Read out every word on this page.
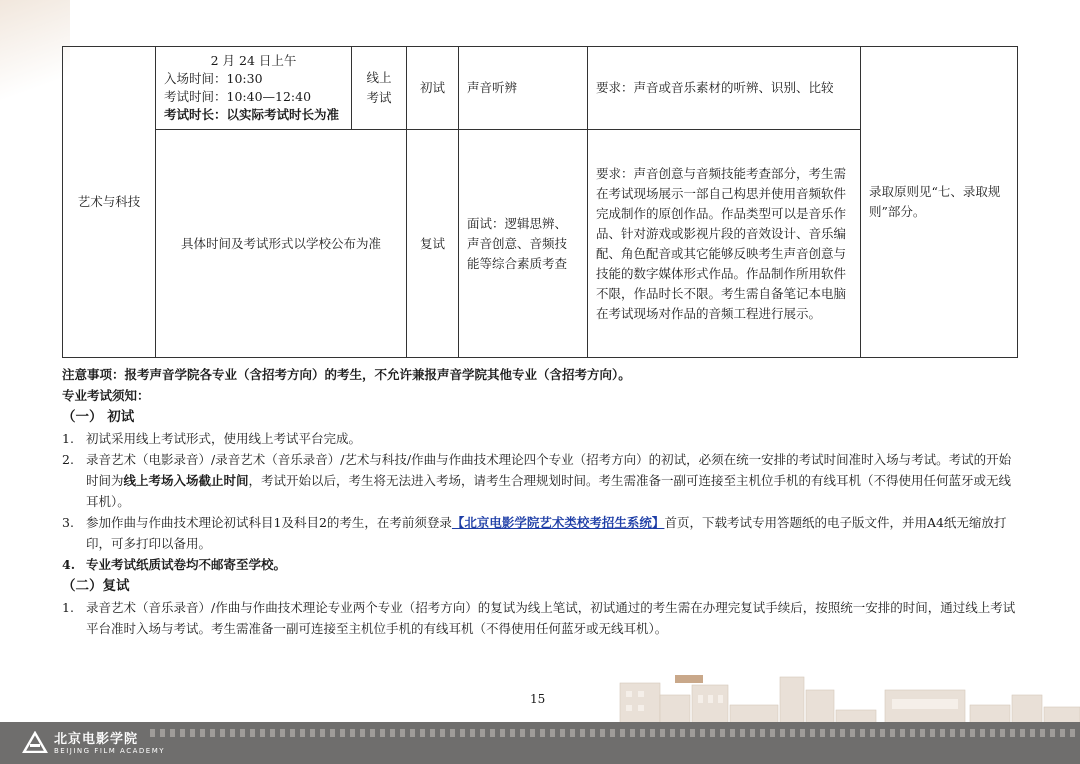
艺术与科技	2 月 24 日上午
入场时间：10:30
考试时间：10:40—12:40
考试时长：以实际考试时长为准	线上考试	初试	声音听辨	要求：声音或音乐素材的听辨、识别、比较	录取原则见“七、录取规则”部分。
	具体时间及考试形式以学校公布为准		复试	面试：逻辑思辨、声音创意、音频技能等综合素质考查	要求：声音创意与音频技能考查部分，考生需在考试现场展示一部自己构思并使用音频软件完成制作的原创作品。作品类型可以是音乐作品、针对游戏或影视片段的音效设计、音乐编配、角色配音或其它能够反映考生声音创意与技能的数字媒体形式作品。作品制作所用软件不限，作品时长不限。考生需自备笔记本电脑在考试现场对作品的音频工程进行展示。	

注意事项：报考声音学院各专业（含招考方向）的考生，不允许兼报声音学院其他专业（含招考方向）。

专业考试须知：

（一） 初试

1. 初试采用线上考试形式，使用线上考试平台完成。
2. 录音艺术（电影录音）/录音艺术（音乐录音）/艺术与科技/作曲与作曲技术理论四个专业（招考方向）的初试，必须在统一安排的考试时间准时入场与考试。考试的开始时间为线上考场入场截止时间，考试开始以后，考生将无法进入考场，请考生合理规划时间。考生需准备一副可连接至主机位手机的有线耳机（不得使用任何蓝牙或无线耳机）。
3. 参加作曲与作曲技术理论初试科目1及科目2的考生，在考前须登录【北京电影学院艺术类校考招生系统】首页，下载考试专用答题纸的电子版文件，并用A4纸无缩放打印，可多打印以备用。
4. 专业考试纸质试卷均不邮寄至学校。

（二）复试

1. 录音艺术（音乐录音）/作曲与作曲技术理论专业两个专业（招考方向）的复试为线上笔试，初试通过的考生需在办理完复试手续后，按照统一安排的时间，通过线上考试平台准时入场与考试。考生需准备一副可连接至主机位手机的有线耳机（不得使用任何蓝牙或无线耳机）。
15
北京电影学院
BEIJING FILM ACADEMY
